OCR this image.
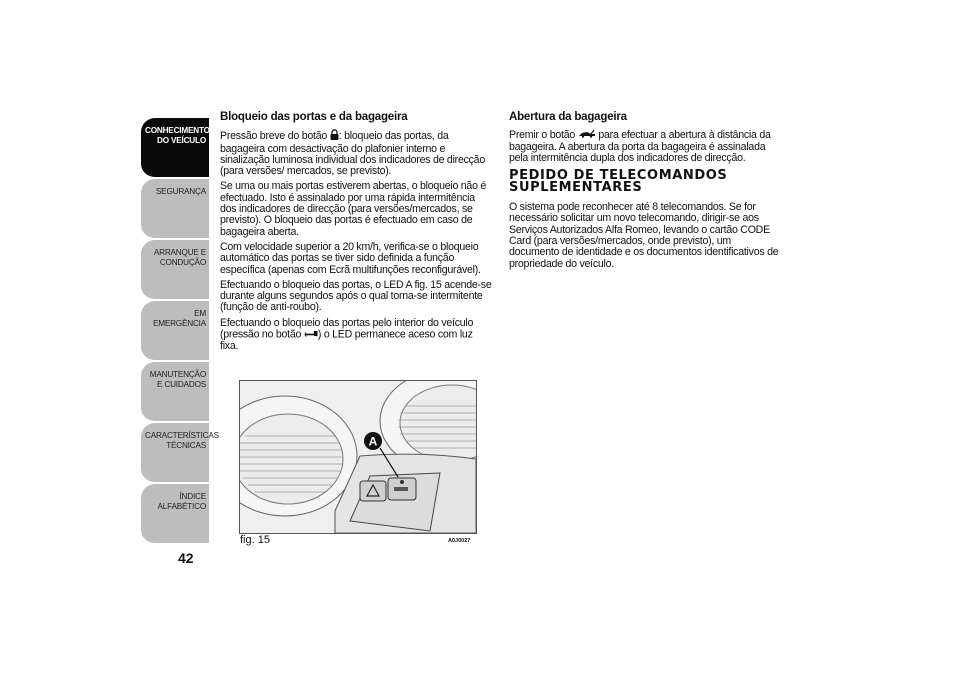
CONHECIMENTO DO VEÍCULO
SEGURANÇA
ARRANQUE E CONDUÇÃO
EM EMERGÊNCIA
MANUTENÇÃO E CUIDADOS
CARACTERÍSTICAS TÉCNICAS
ÍNDICE ALFABÉTICO
42
Bloqueio das portas e da bagageira

Pressão breve do botão : bloqueio das portas, da bagageira com desactivação do plafonier interno e sinalização luminosa individual dos indicadores de direcção (para versões/ mercados, se previsto).

Se uma ou mais portas estiverem abertas, o bloqueio não é efectuado. Isto é assinalado por uma rápida intermitência dos indicadores de direcção (para versões/mercados, se previsto). O bloqueio das portas é efectuado em caso de bagageira aberta.

Com velocidade superior a 20 km/h, verifica-se o bloqueio automático das portas se tiver sido definida a função específica (apenas com Ecrã multifunções reconfigurável).

Efectuando o bloqueio das portas, o LED A fig. 15 acende-se durante alguns segundos após o qual torna-se intermitente (função de anti-roubo).

Efectuando o bloqueio das portas pelo interior do veículo (pressão no botão ) o LED permanece aceso com luz fixa.

Abertura da bagageira

Premir o botão para efectuar a abertura à distância da bagageira. A abertura da porta da bagageira é assinalada pela intermitência dupla dos indicadores de direcção.

PEDIDO DE TELECOMANDOS SUPLEMENTARES

O sistema pode reconhecer até 8 telecomandos. Se for necessário solicitar um novo telecomando, dirigir-se aos Serviços Autorizados Alfa Romeo, levando o cartão CODE Card (para versões/mercados, onde previsto), um documento de identidade e os documentos identificativos de propriedade do veículo.

A
fig. 15	A0J0027
